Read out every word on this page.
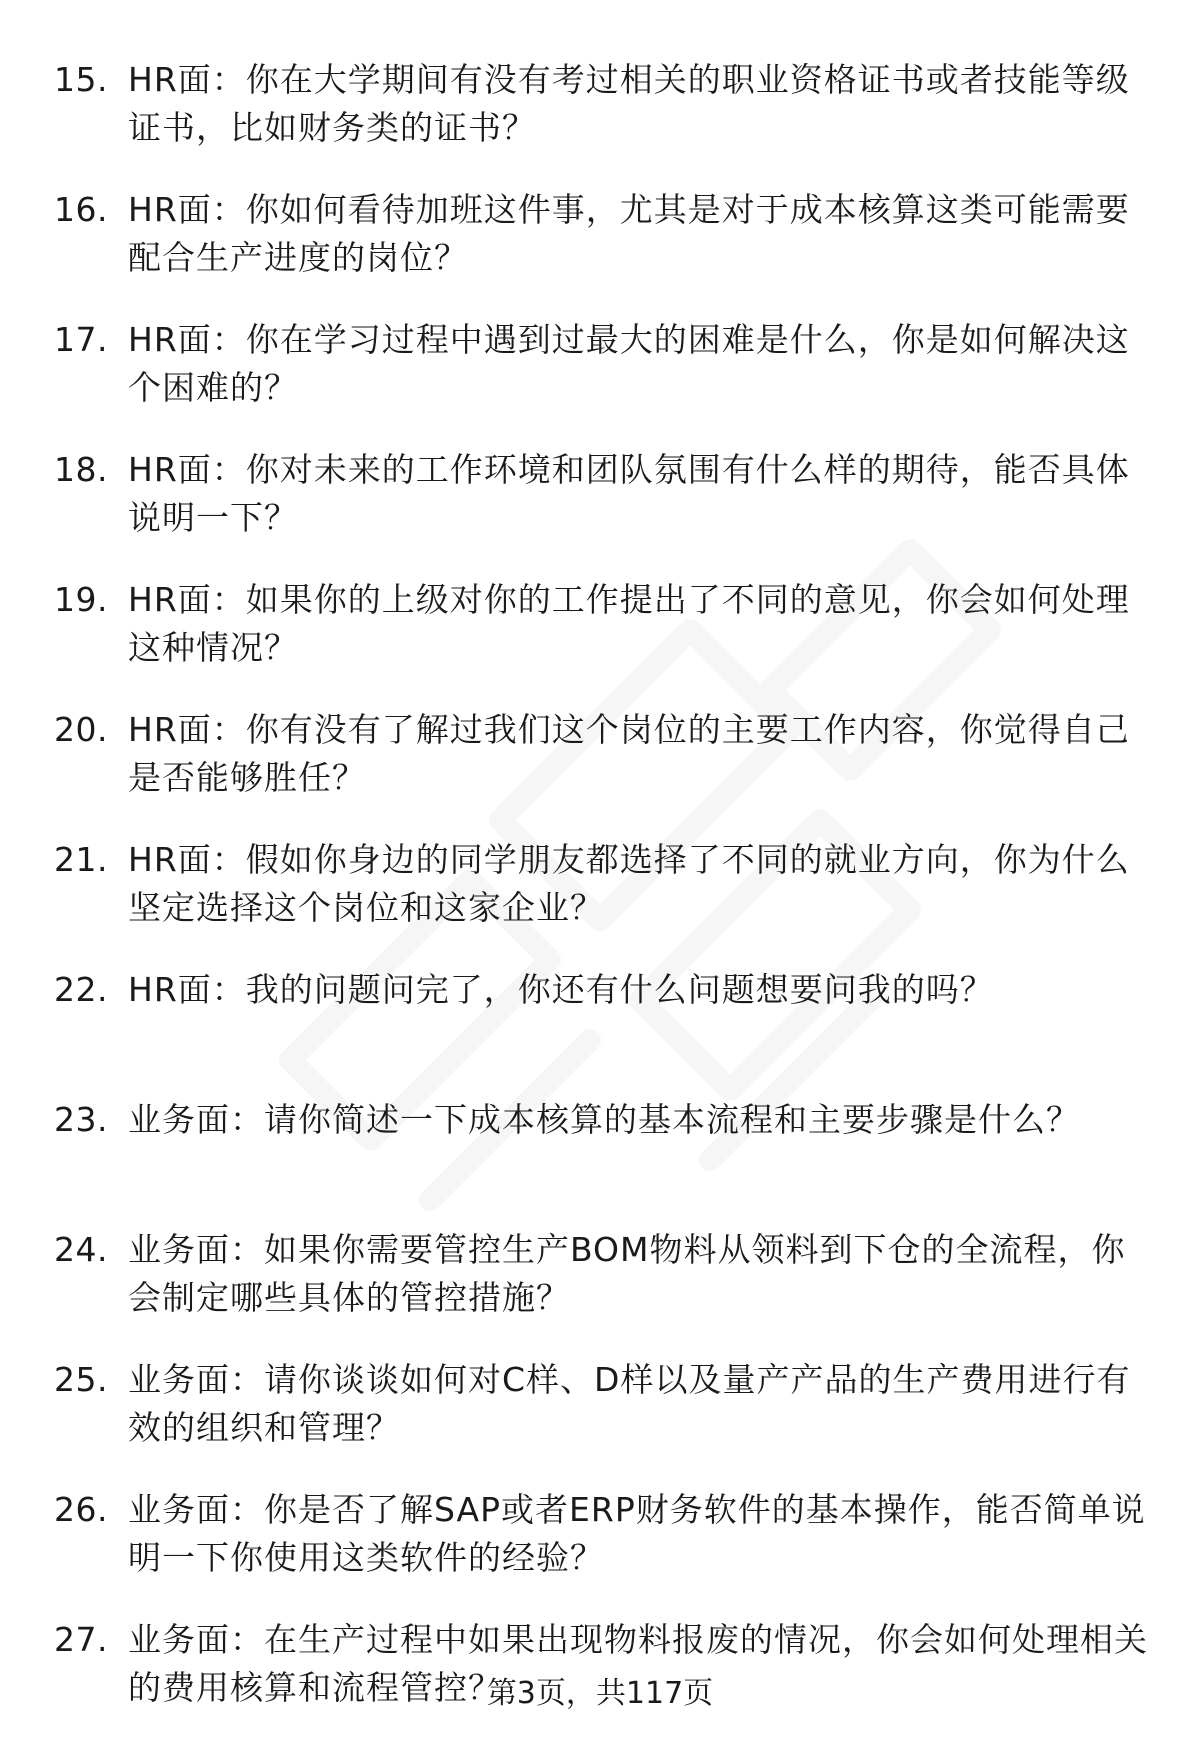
15. HR面：你在大学期间有没有考过相关的职业资格证书或者技能等级证书，比如财务类的证书？
16. HR面：你如何看待加班这件事，尤其是对于成本核算这类可能需要配合生产进度的岗位？
17. HR面：你在学习过程中遇到过最大的困难是什么，你是如何解决这个困难的？
18. HR面：你对未来的工作环境和团队氛围有什么样的期待，能否具体说明一下？
19. HR面：如果你的上级对你的工作提出了不同的意见，你会如何处理这种情况？
20. HR面：你有没有了解过我们这个岗位的主要工作内容，你觉得自己是否能够胜任？
21. HR面：假如你身边的同学朋友都选择了不同的就业方向，你为什么坚定选择这个岗位和这家企业？
22. HR面：我的问题问完了，你还有什么问题想要问我的吗？
23. 业务面：请你简述一下成本核算的基本流程和主要步骤是什么？
24. 业务面：如果你需要管控生产BOM物料从领料到下仓的全流程，你会制定哪些具体的管控措施？
25. 业务面：请你谈谈如何对C样、D样以及量产产品的生产费用进行有效的组织和管理？
26. 业务面：你是否了解SAP或者ERP财务软件的基本操作，能否简单说明一下你使用这类软件的经验？
27. 业务面：在生产过程中如果出现物料报废的情况，你会如何处理相关的费用核算和流程管控？
第3页，共117页
